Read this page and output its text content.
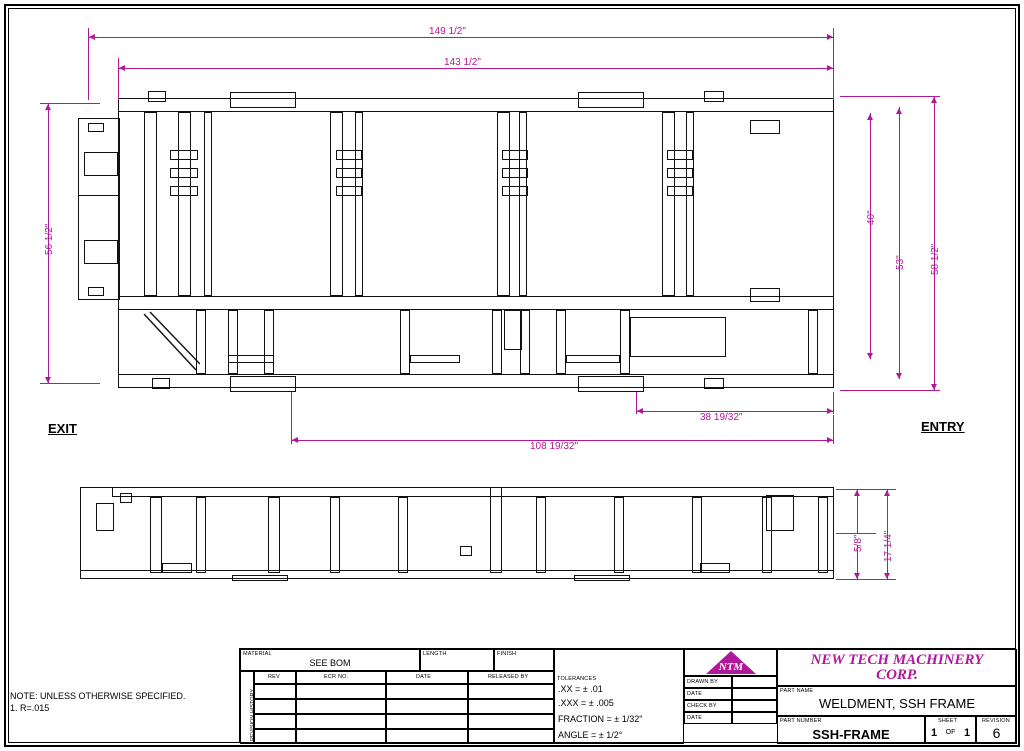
149 1/2"
143 1/2"
56 1/2"
40"
53" 58 1/2"
38 19/32"
108 19/32"
EXIT	ENTRY
5/8" 17 1/4"
NOTE: UNLESS OTHERWISE SPECIFIED.
1. R=.015
MATERIAL
SEE BOM
LENGTH	FINISH
REVISION HISTORY
REV	ECR NO.	DATE	RELEASED BY	TOLERANCES
.XX = ± .01
.XXX = ± .005
FRACTION = ± 1/32"
ANGLE = ± 1/2°
DRAWN BY
DATE
CHECK BY
DATE
NTM	NEW TECH MACHINERY
CORP.
PART NAME
WELDMENT, SSH FRAME
PART NUMBER
SSH-FRAME
SHEET
1	OF 1
REVISION
6
